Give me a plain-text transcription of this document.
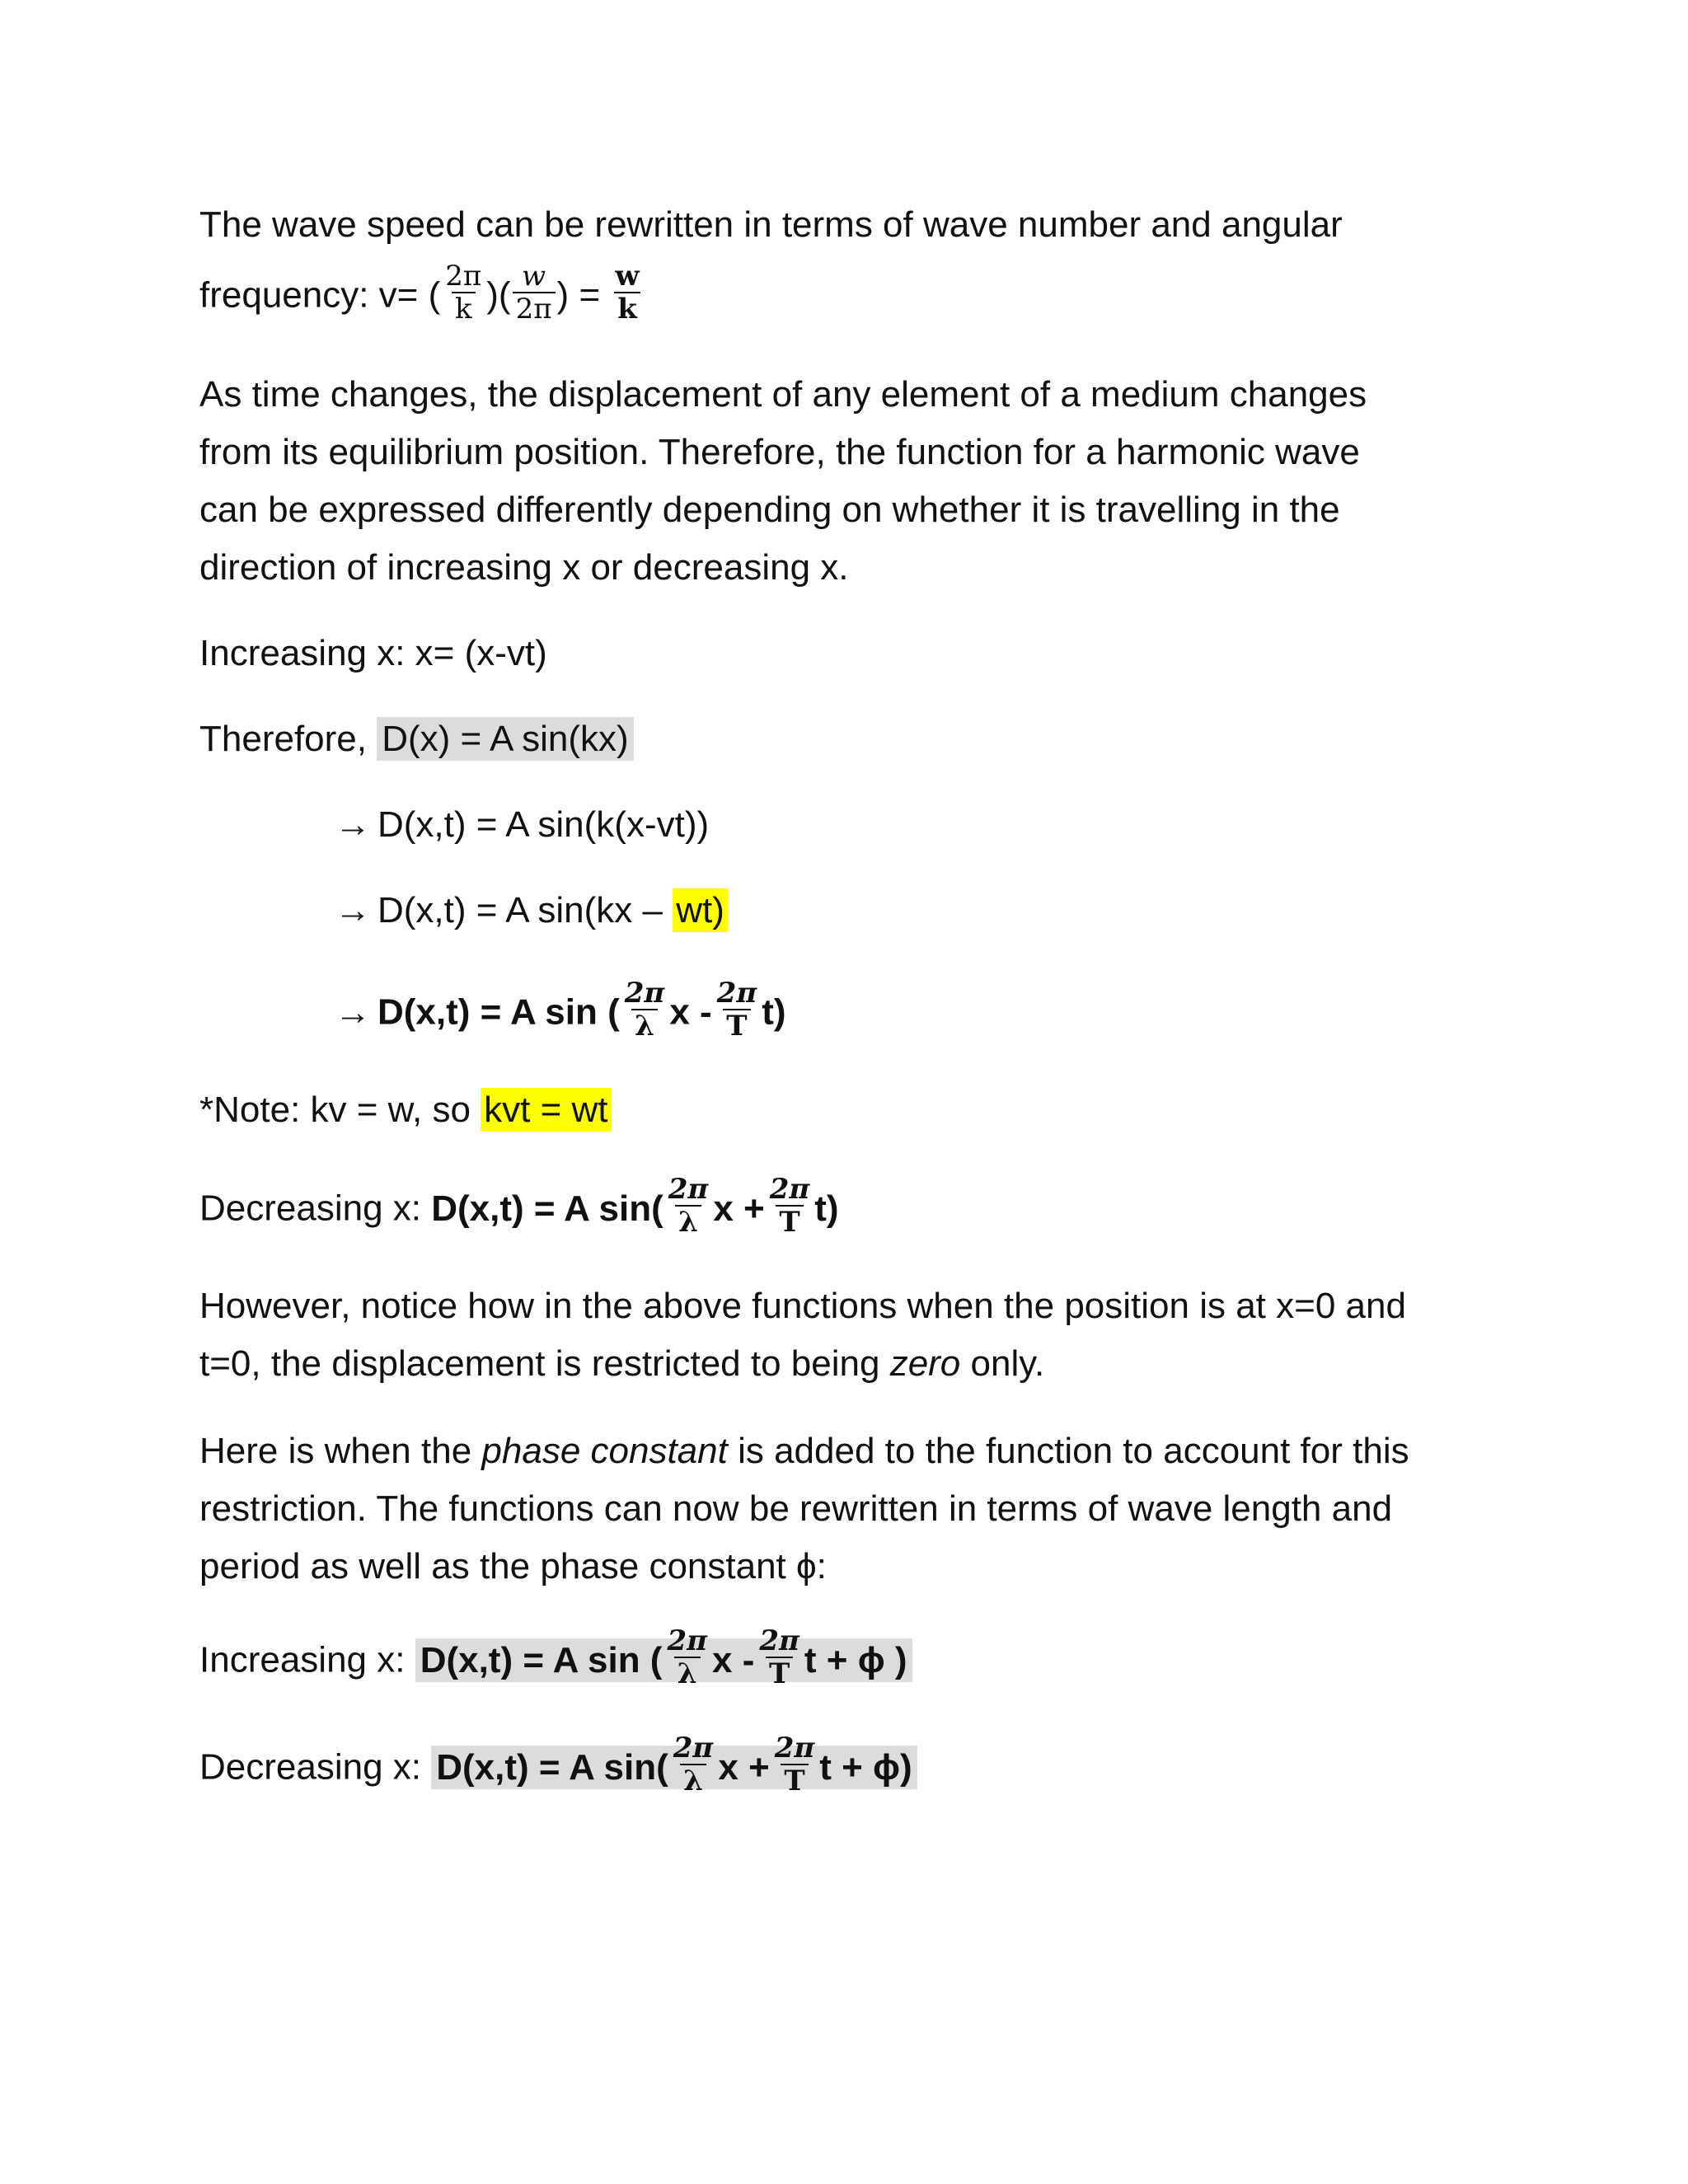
The wave speed can be rewritten in terms of wave number and angular
frequency: v= ( $\frac{2\pi}{k}$ )( $\frac{w}{2\pi}$ ) = $\frac{w}{k}$

As time changes, the displacement of any element of a medium changes

from its equilibrium position. Therefore, the function for a harmonic wave

can be expressed differently depending on whether it is travelling in the

direction of increasing x or decreasing x.

Increasing x: x= (x-vt)
Therefore, D(x) = A sin(kx)
→ D(x,t) = A sin(k(x-vt))
→ D(x,t) = A sin(kx – wt)
→ D(x,t) = A sin ( $\frac{2\pi}{\lambda}$ x - $\frac{2\pi}{T} t$)
*Note: kv = w, so kvt = wt
Decreasing x: D(x,t) = A $\sin( \frac{2\pi}{\lambda}$ $x + \frac{2\pi}{T} t$)

However, notice how in the above functions when the position is at x=0 and

t=0, the displacement is restricted to being zero only.

Here is when the phase constant is added to the function to account for this

restriction. The functions can now be rewritten in terms of wave length and

period as well as the phase constant ϕ:

Increasing x: D(x,t) = A sin ( $\frac{2\pi}{\lambda}$ x - $\frac{2\pi}{T}$ t + ϕ )
Decreasing x: D(x,t) = A $\sin( \frac{2\pi}{\lambda}$ $x + \frac{2\pi}{T}$ t + ϕ)
